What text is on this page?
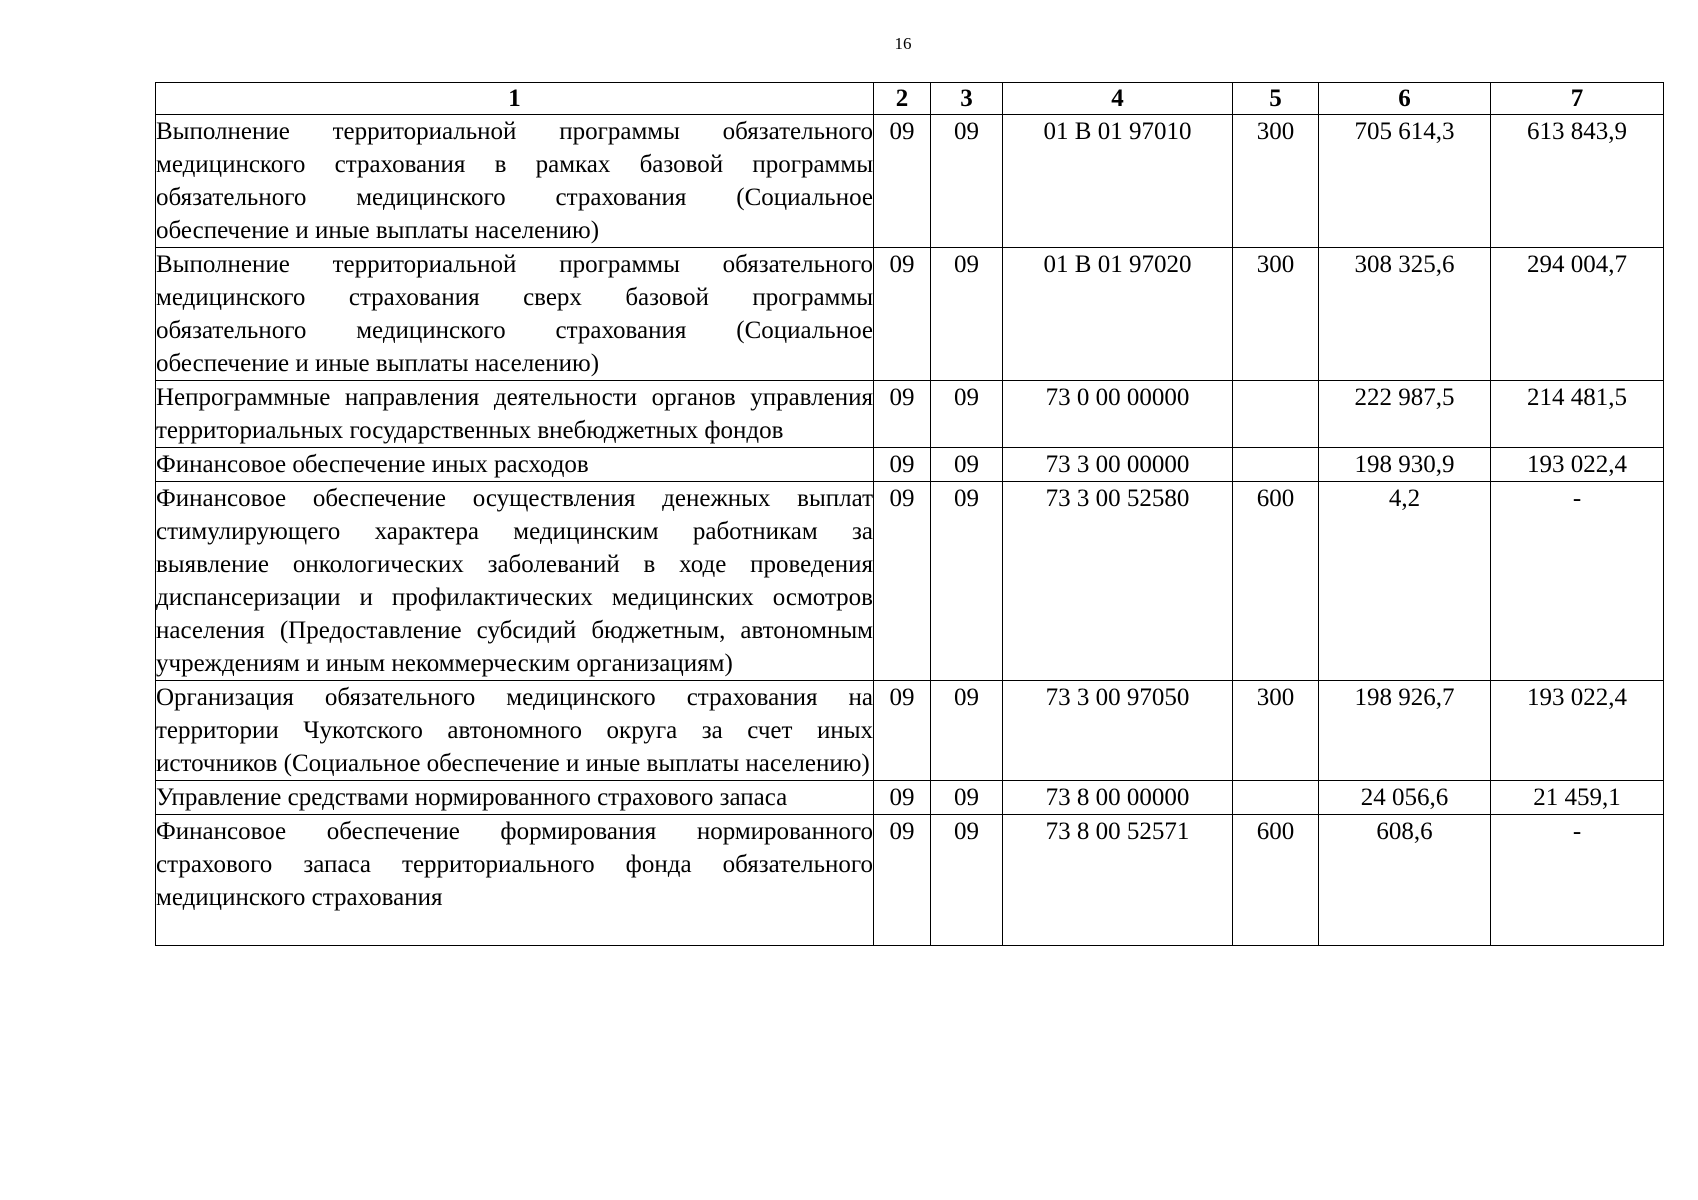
16
1	2	3	4	5	6	7
Выполнение территориальной программы обязательного медицинского страхования в рамках базовой программы обязательного медицинского страхования (Социальное обеспечение и иные выплаты населению)	09	09	01 В 01 97010	300	705 614,3	613 843,9
Выполнение территориальной программы обязательного медицинского страхования сверх базовой программы обязательного медицинского страхования (Социальное обеспечение и иные выплаты населению)	09	09	01 В 01 97020	300	308 325,6	294 004,7
Непрограммные направления деятельности органов управления территориальных государственных внебюджетных фондов	09	09	73 0 00 00000		222 987,5	214 481,5
Финансовое обеспечение иных расходов	09	09	73 3 00 00000		198 930,9	193 022,4
Финансовое обеспечение осуществления денежных выплат стимулирующего характера медицинским работникам за выявление онкологических заболеваний в ходе проведения диспансеризации и профилактических медицинских осмотров населения (Предоставление субсидий бюджетным, автономным учреждениям и иным некоммерческим организациям)	09	09	73 3 00 52580	600	4,2	-
Организация обязательного медицинского страхования на территории Чукотского автономного округа за счет иных источников (Социальное обеспечение и иные выплаты населению)	09	09	73 3 00 97050	300	198 926,7	193 022,4
Управление средствами нормированного страхового запаса	09	09	73 8 00 00000		24 056,6	21 459,1
Финансовое обеспечение формирования нормированного страхового запаса территориального фонда обязательного медицинского страхования	09	09	73 8 00 52571	600	608,6	-
